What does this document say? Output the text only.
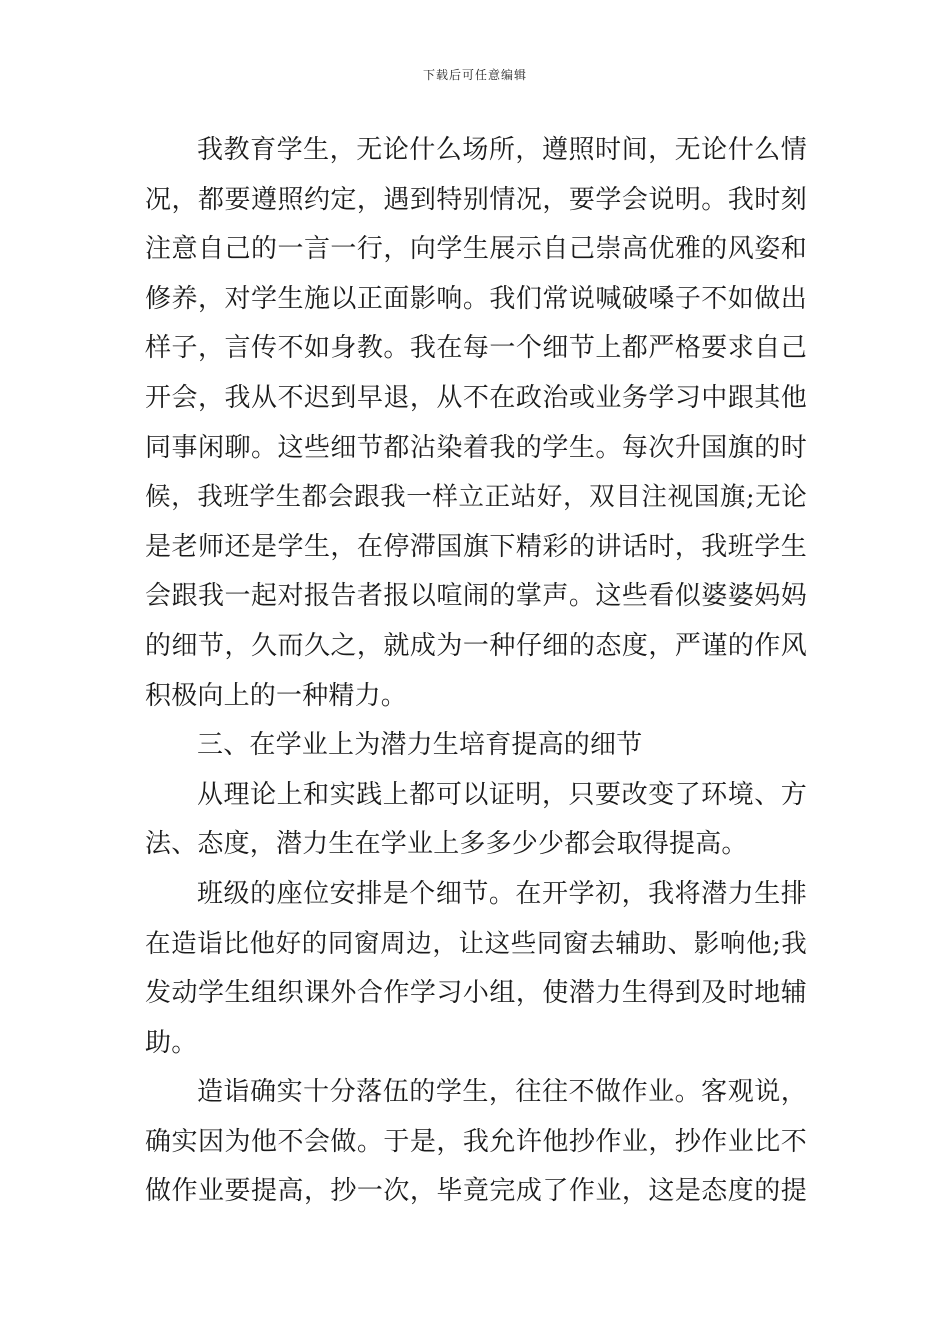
下载后可任意编辑
我教育学生，无论什么场所，遵照时间，无论什么情
况，都要遵照约定，遇到特别情况，要学会说明。我时刻
注意自己的一言一行，向学生展示自己崇高优雅的风姿和
修养，对学生施以正面影响。我们常说喊破嗓子不如做出
样子，言传不如身教。我在每一个细节上都严格要求自己
开会，我从不迟到早退，从不在政治或业务学习中跟其他
同事闲聊。这些细节都沾染着我的学生。每次升国旗的时
候，我班学生都会跟我一样立正站好，双目注视国旗;无论
是老师还是学生，在停滞国旗下精彩的讲话时，我班学生
会跟我一起对报告者报以喧闹的掌声。这些看似婆婆妈妈
的细节，久而久之，就成为一种仔细的态度，严谨的作风
积极向上的一种精力。
三、在学业上为潜力生培育提高的细节
从理论上和实践上都可以证明，只要改变了环境、方
法、态度，潜力生在学业上多多少少都会取得提高。
班级的座位安排是个细节。在开学初，我将潜力生排
在造诣比他好的同窗周边，让这些同窗去辅助、影响他;我
发动学生组织课外合作学习小组，使潜力生得到及时地辅
助。
造诣确实十分落伍的学生，往往不做作业。客观说，
确实因为他不会做。于是，我允许他抄作业，抄作业比不
做作业要提高，抄一次，毕竟完成了作业，这是态度的提
